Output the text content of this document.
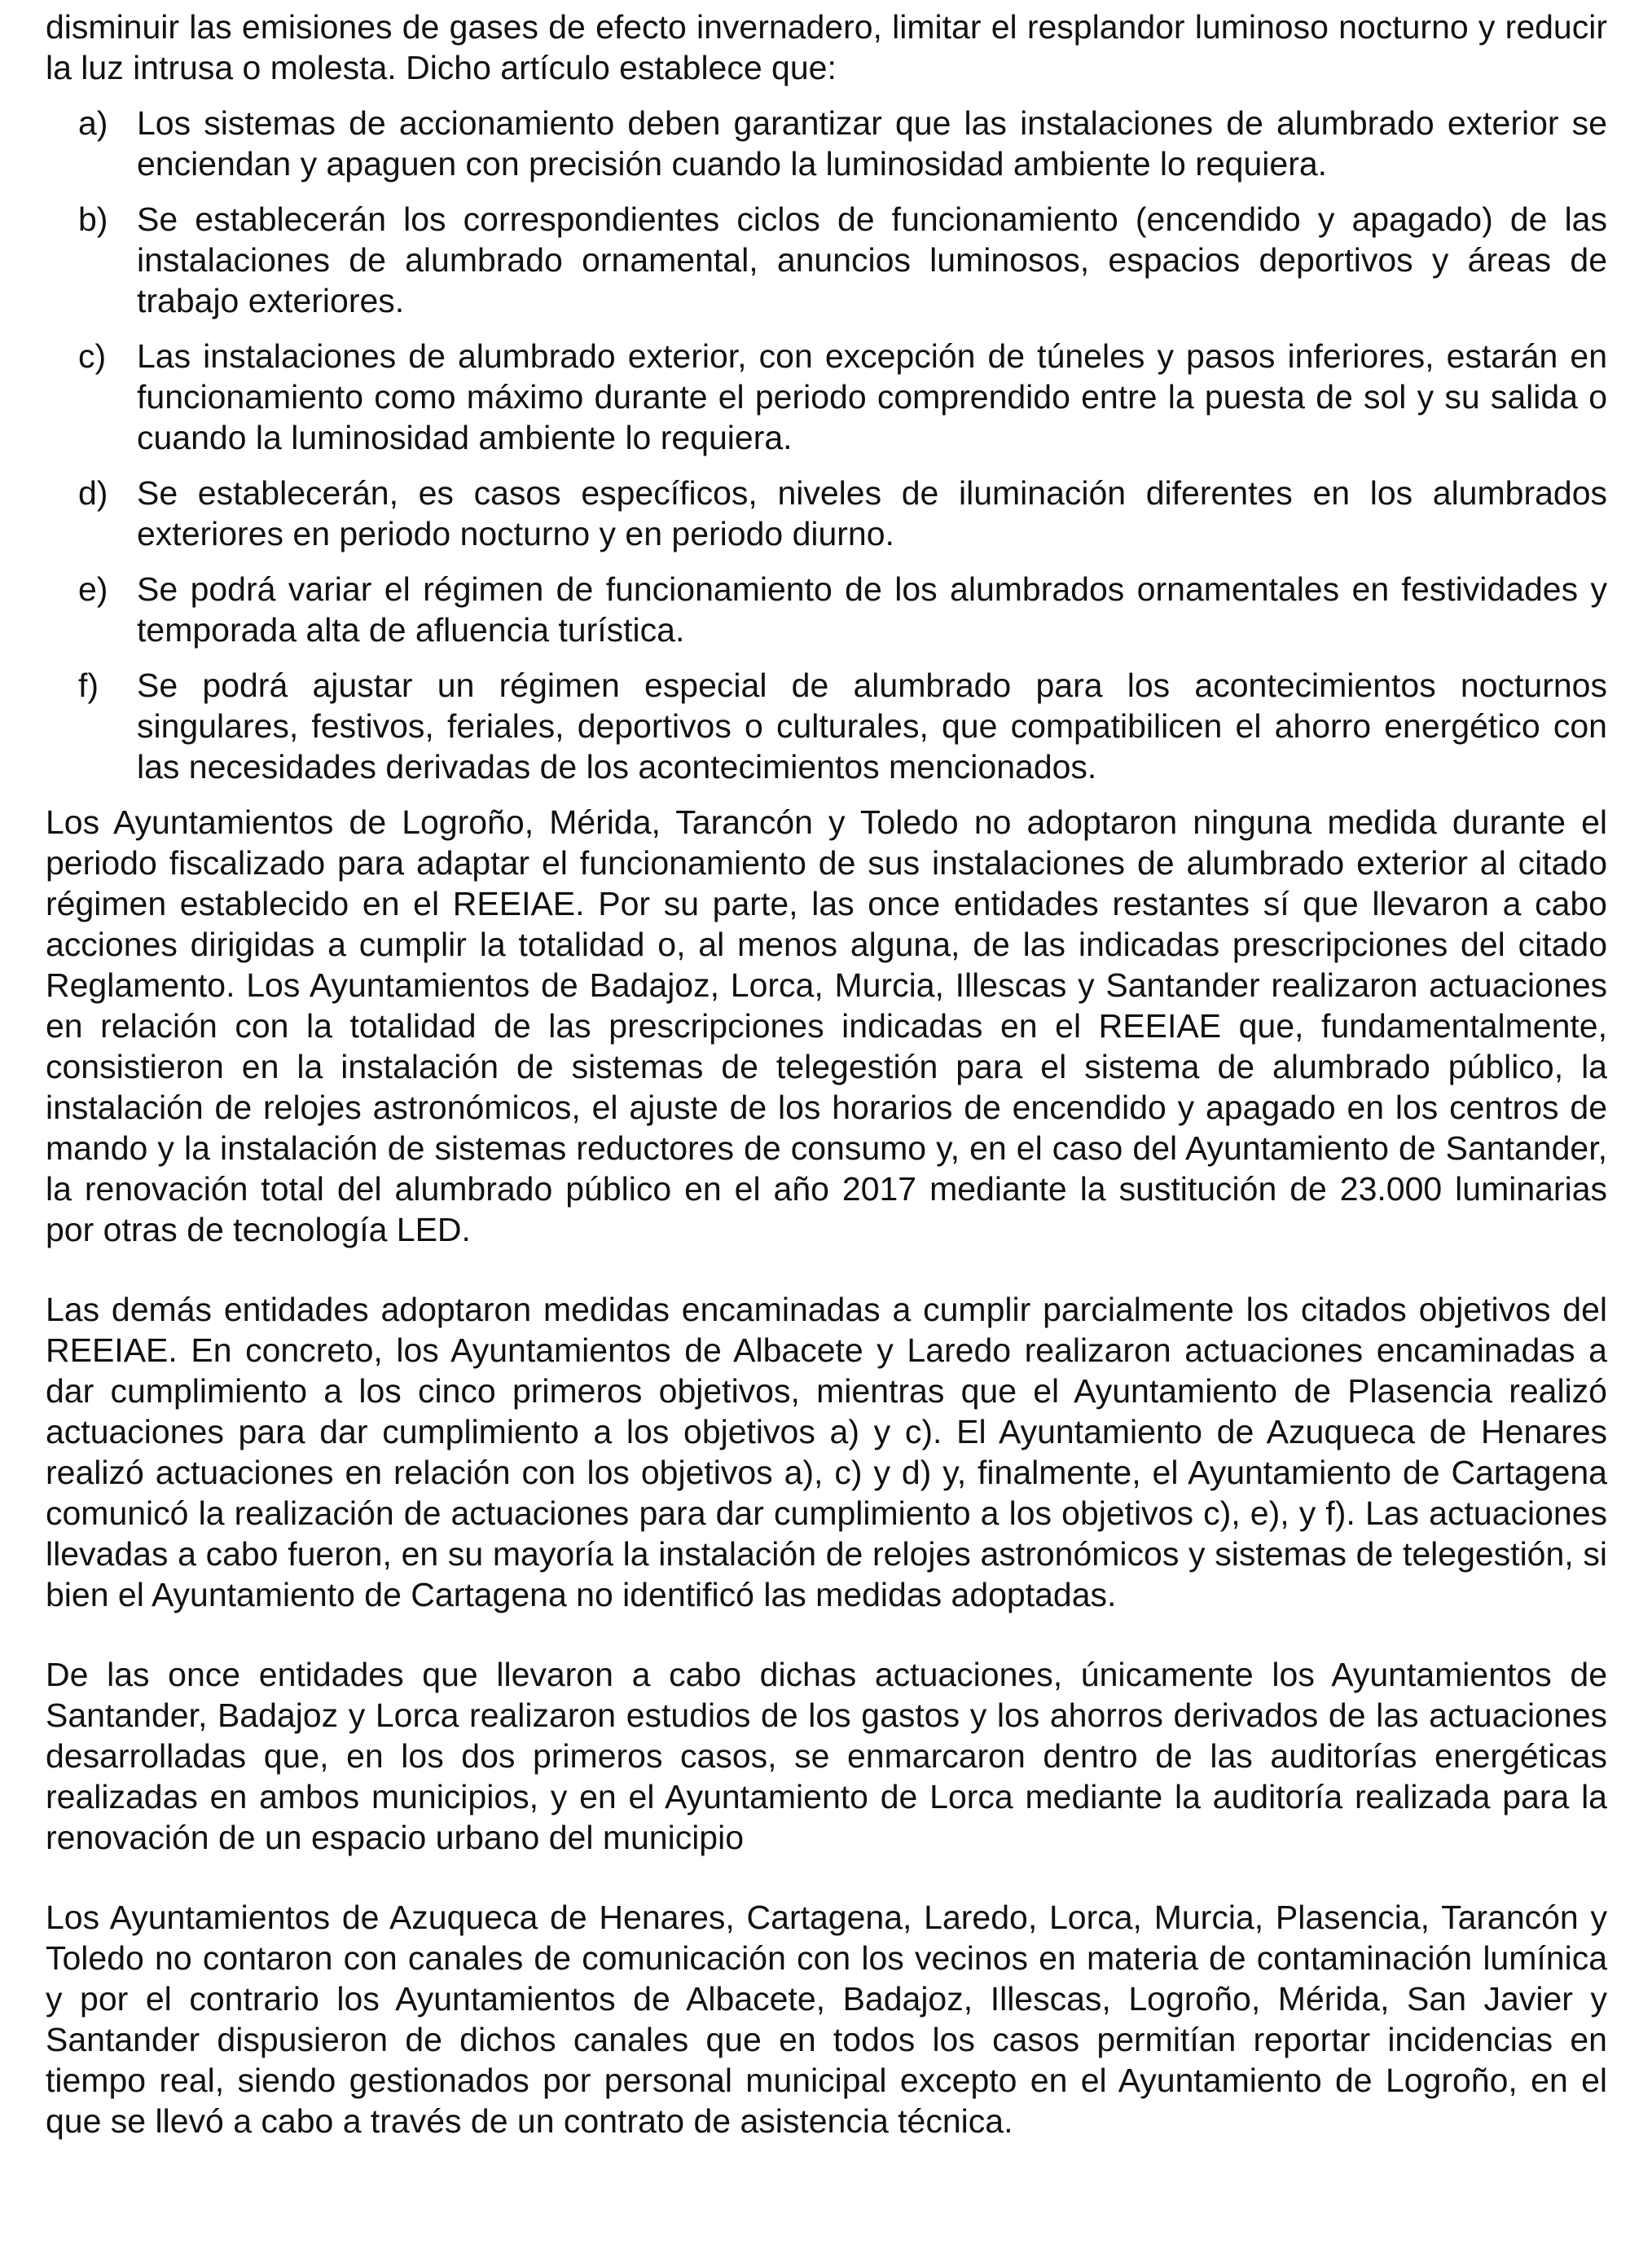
disminuir las emisiones de gases de efecto invernadero, limitar el resplandor luminoso nocturno y reducir la luz intrusa o molesta. Dicho artículo establece que:

a) Los sistemas de accionamiento deben garantizar que las instalaciones de alumbrado exterior se enciendan y apaguen con precisión cuando la luminosidad ambiente lo requiera.
b) Se establecerán los correspondientes ciclos de funcionamiento (encendido y apagado) de las instalaciones de alumbrado ornamental, anuncios luminosos, espacios deportivos y áreas de trabajo exteriores.
c) Las instalaciones de alumbrado exterior, con excepción de túneles y pasos inferiores, estarán en funcionamiento como máximo durante el periodo comprendido entre la puesta de sol y su salida o cuando la luminosidad ambiente lo requiera.
d) Se establecerán, es casos específicos, niveles de iluminación diferentes en los alumbrados exteriores en periodo nocturno y en periodo diurno.
e) Se podrá variar el régimen de funcionamiento de los alumbrados ornamentales en festividades y temporada alta de afluencia turística.
f)	Se podrá ajustar un régimen especial de alumbrado para los acontecimientos nocturnos singulares, festivos, feriales, deportivos o culturales, que compatibilicen el ahorro energético con las necesidades derivadas de los acontecimientos mencionados.

Los Ayuntamientos de Logroño, Mérida, Tarancón y Toledo no adoptaron ninguna medida durante el periodo fiscalizado para adaptar el funcionamiento de sus instalaciones de alumbrado exterior al citado régimen establecido en el REEIAE. Por su parte, las once entidades restantes sí que llevaron a cabo acciones dirigidas a cumplir la totalidad o, al menos alguna, de las indicadas prescripciones del citado Reglamento. Los Ayuntamientos de Badajoz, Lorca, Murcia, Illescas y Santander realizaron actuaciones en relación con la totalidad de las prescripciones indicadas en el REEIAE que, fundamentalmente, consistieron en la instalación de sistemas de telegestión para el sistema de alumbrado público, la instalación de relojes astronómicos, el ajuste de los horarios de encendido y apagado en los centros de mando y la instalación de sistemas reductores de consumo y, en el caso del Ayuntamiento de Santander, la renovación total del alumbrado público en el año 2017 mediante la sustitución de 23.000 luminarias por otras de tecnología LED.

Las demás entidades adoptaron medidas encaminadas a cumplir parcialmente los citados objetivos del REEIAE. En concreto, los Ayuntamientos de Albacete y Laredo realizaron actuaciones encaminadas a dar cumplimiento a los cinco primeros objetivos, mientras que el Ayuntamiento de Plasencia realizó actuaciones para dar cumplimiento a los objetivos a) y c). El Ayuntamiento de Azuqueca de Henares realizó actuaciones en relación con los objetivos a), c) y d) y, finalmente, el Ayuntamiento de Cartagena comunicó la realización de actuaciones para dar cumplimiento a los objetivos c), e), y f). Las actuaciones llevadas a cabo fueron, en su mayoría la instalación de relojes astronómicos y sistemas de telegestión, si bien el Ayuntamiento de Cartagena no identificó las medidas adoptadas.

De las once entidades que llevaron a cabo dichas actuaciones, únicamente los Ayuntamientos de Santander, Badajoz y Lorca realizaron estudios de los gastos y los ahorros derivados de las actuaciones desarrolladas que, en los dos primeros casos, se enmarcaron dentro de las auditorías energéticas realizadas en ambos municipios, y en el Ayuntamiento de Lorca mediante la auditoría realizada para la renovación de un espacio urbano del municipio

Los Ayuntamientos de Azuqueca de Henares, Cartagena, Laredo, Lorca, Murcia, Plasencia, Tarancón y Toledo no contaron con canales de comunicación con los vecinos en materia de contaminación lumínica y por el contrario los Ayuntamientos de Albacete, Badajoz, Illescas, Logroño, Mérida, San Javier y Santander dispusieron de dichos canales que en todos los casos permitían reportar incidencias en tiempo real, siendo gestionados por personal municipal excepto en el Ayuntamiento de Logroño, en el que se llevó a cabo a través de un contrato de asistencia técnica.
